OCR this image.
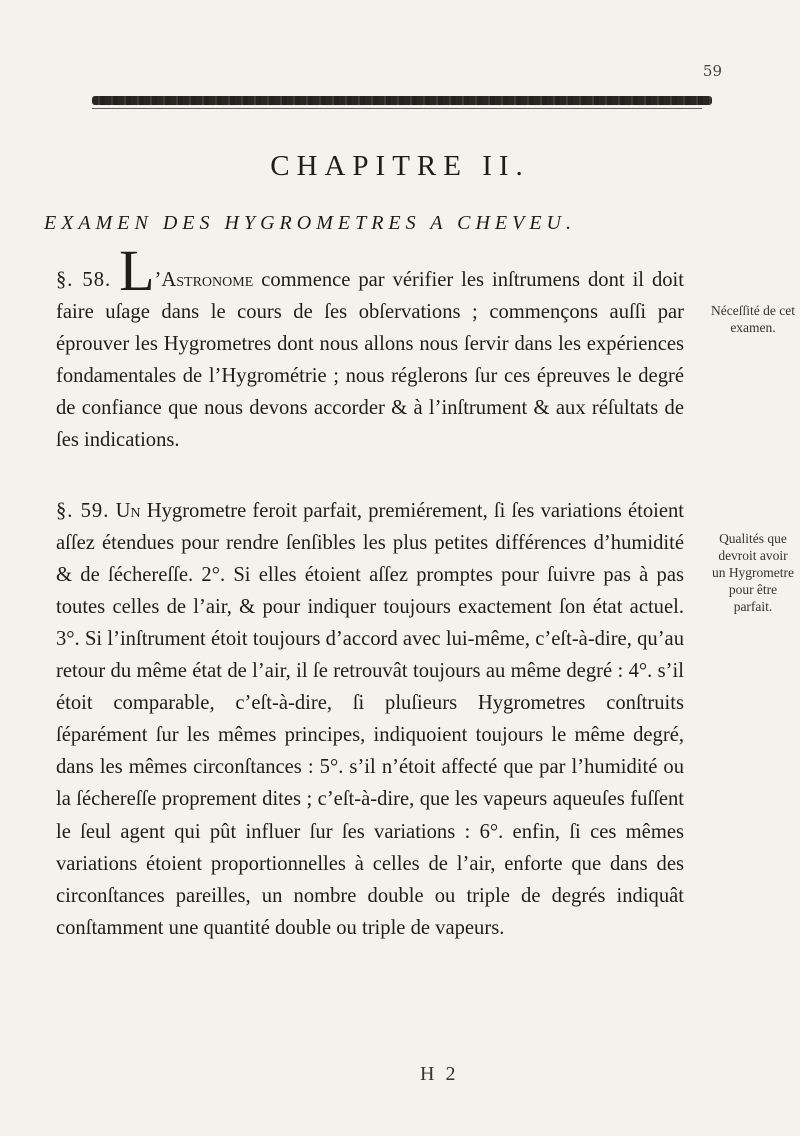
59
CHAPITRE II.
EXAMEN DES HYGROMETRES A CHEVEU.

§. 58. L’Astronome commence par vérifier les inſtrumens dont il doit faire uſage dans le cours de ſes obſervations ; commençons auſſi par éprouver les Hygrometres dont nous allons nous ſervir dans les expériences fondamentales de l’Hygrométrie ; nous réglerons ſur ces épreuves le degré de confiance que nous devons accorder & à l’inſtrument & aux réſultats de ſes indications.

§. 59. Un Hygrometre feroit parfait, premiérement, ſi ſes variations étoient aſſez étendues pour rendre ſenſibles les plus petites différences d’humidité & de ſéchereſſe. 2°. Si elles étoient aſſez promptes pour ſuivre pas à pas toutes celles de l’air, & pour indiquer toujours exactement ſon état actuel. 3°. Si l’inſtrument étoit toujours d’accord avec lui-même, c’eſt-à-dire, qu’au retour du même état de l’air, il ſe retrouvât toujours au même degré : 4°. s’il étoit comparable, c’eſt-à-dire, ſi pluſieurs Hygrometres conſtruits ſéparément ſur les mêmes principes, indiquoient toujours le même degré, dans les mêmes circonſtances : 5°. s’il n’étoit affecté que par l’humidité ou la ſéchereſſe proprement dites ; c’eſt-à-dire, que les vapeurs aqueuſes fuſſent le ſeul agent qui pût influer ſur ſes variations : 6°. enfin, ſi ces mêmes variations étoient proportionnelles à celles de l’air, enforte que dans des circonſtances pareilles, un nombre double ou triple de degrés indiquât conſtamment une quantité double ou triple de vapeurs.

Néceſſité de cet examen.
Qualités que devroit avoir un Hygrometre pour être parfait.
H 2
